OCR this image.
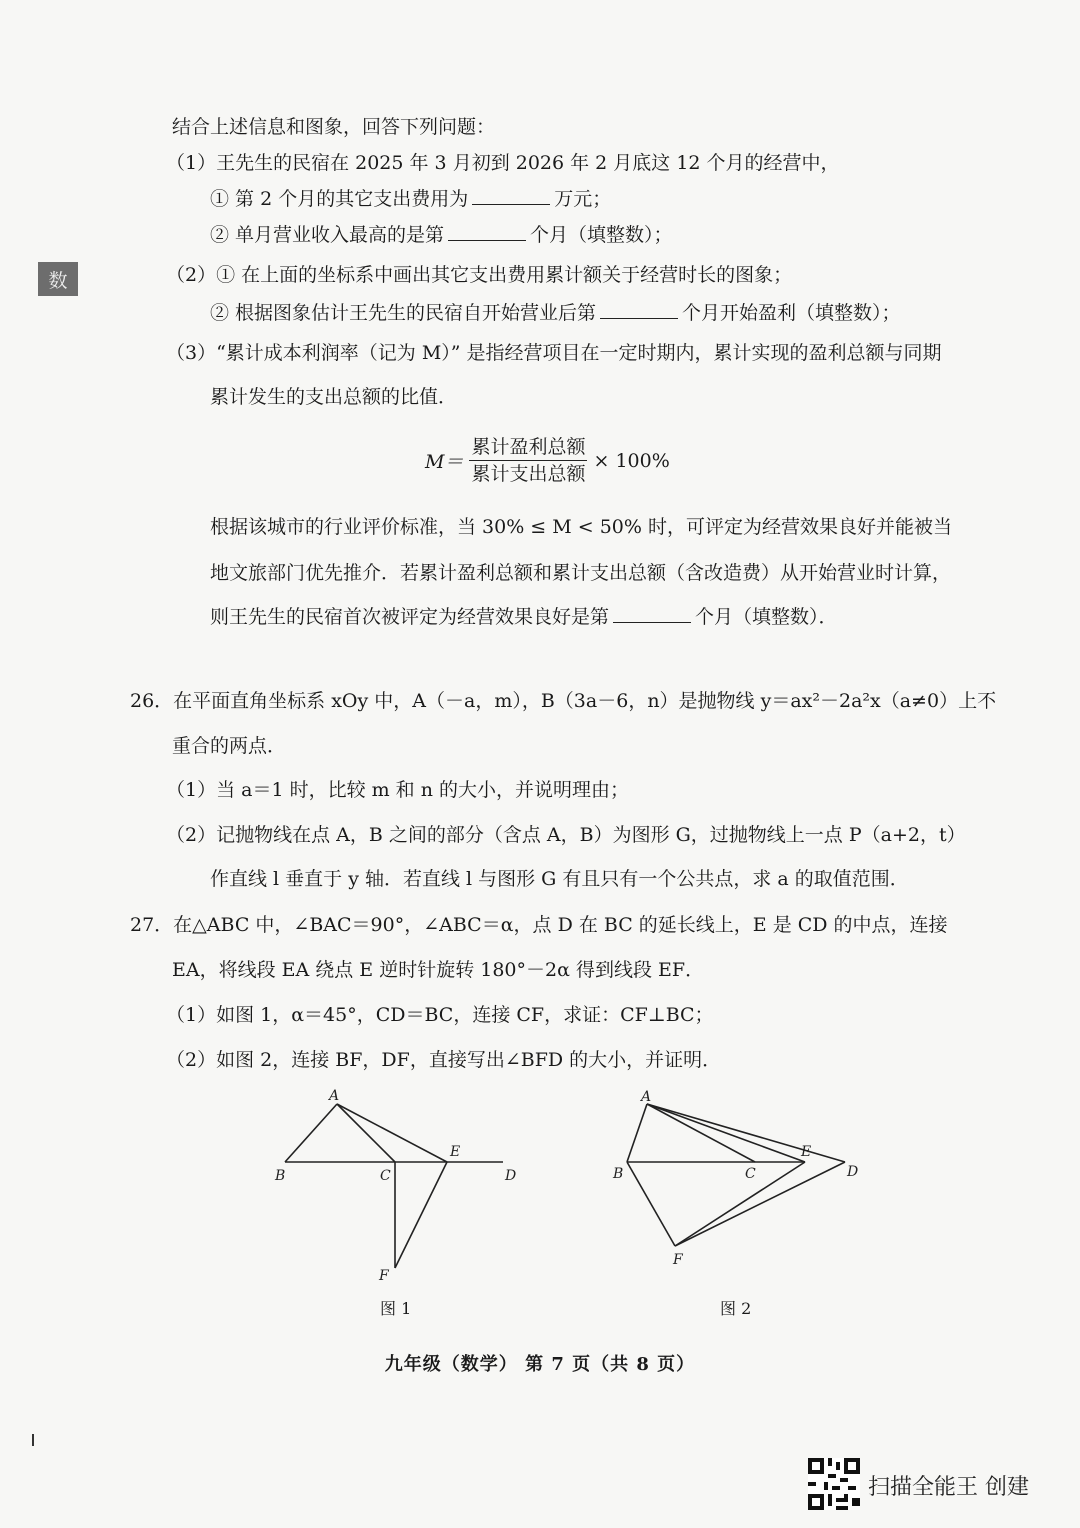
数
结合上述信息和图象，回答下列问题：
（1）王先生的民宿在 2025 年 3 月初到 2026 年 2 月底这 12 个月的经营中，
① 第 2 个月的其它支出费用为	万元；
② 单月营业收入最高的是第	个月（填整数）；
（2）① 在上面的坐标系中画出其它支出费用累计额关于经营时长的图象；
② 根据图象估计王先生的民宿自开始营业后第	个月开始盈利（填整数）；
（3）“累计成本利润率（记为 M）” 是指经营项目在一定时期内，累计实现的盈利总额与同期
累计发生的支出总额的比值．
$M= \frac{\text{累计盈利总额}}{\text{累计支出总额}} \times 100\%$
根据该城市的行业评价标准，当 30% ≤ M < 50% 时，可评定为经营效果良好并能被当
地文旅部门优先推介．若累计盈利总额和累计支出总额（含改造费）从开始营业时计算，
则王先生的民宿首次被评定为经营效果良好是第	个月（填整数）．
26．在平面直角坐标系 xOy 中，A（－a，m），B（3a－6，n）是抛物线 y＝ax²－2a²x（a≠0）上不
重合的两点．
（1）当 a＝1 时，比较 m 和 n 的大小，并说明理由；
（2）记抛物线在点 A，B 之间的部分（含点 A，B）为图形 G，过抛物线上一点 P（a+2，t）
作直线 l 垂直于 y 轴．若直线 l 与图形 G 有且只有一个公共点，求 a 的取值范围．
27．在△ABC 中，∠BAC＝90°，∠ABC＝α，点 D 在 BC 的延长线上，E 是 CD 的中点，连接
EA，将线段 EA 绕点 E 逆时针旋转 180°－2α 得到线段 EF．
（1）如图 1，α＝45°，CD＝BC，连接 CF，求证：CF⊥BC；
（2）如图 2，连接 BF，DF，直接写出∠BFD 的大小，并证明．
A
B	C
E
D
F
图 1
A
B	C
E
D
F
图 2
九年级（数学） 第 7 页（共 8 页）
扫描全能王 创建
